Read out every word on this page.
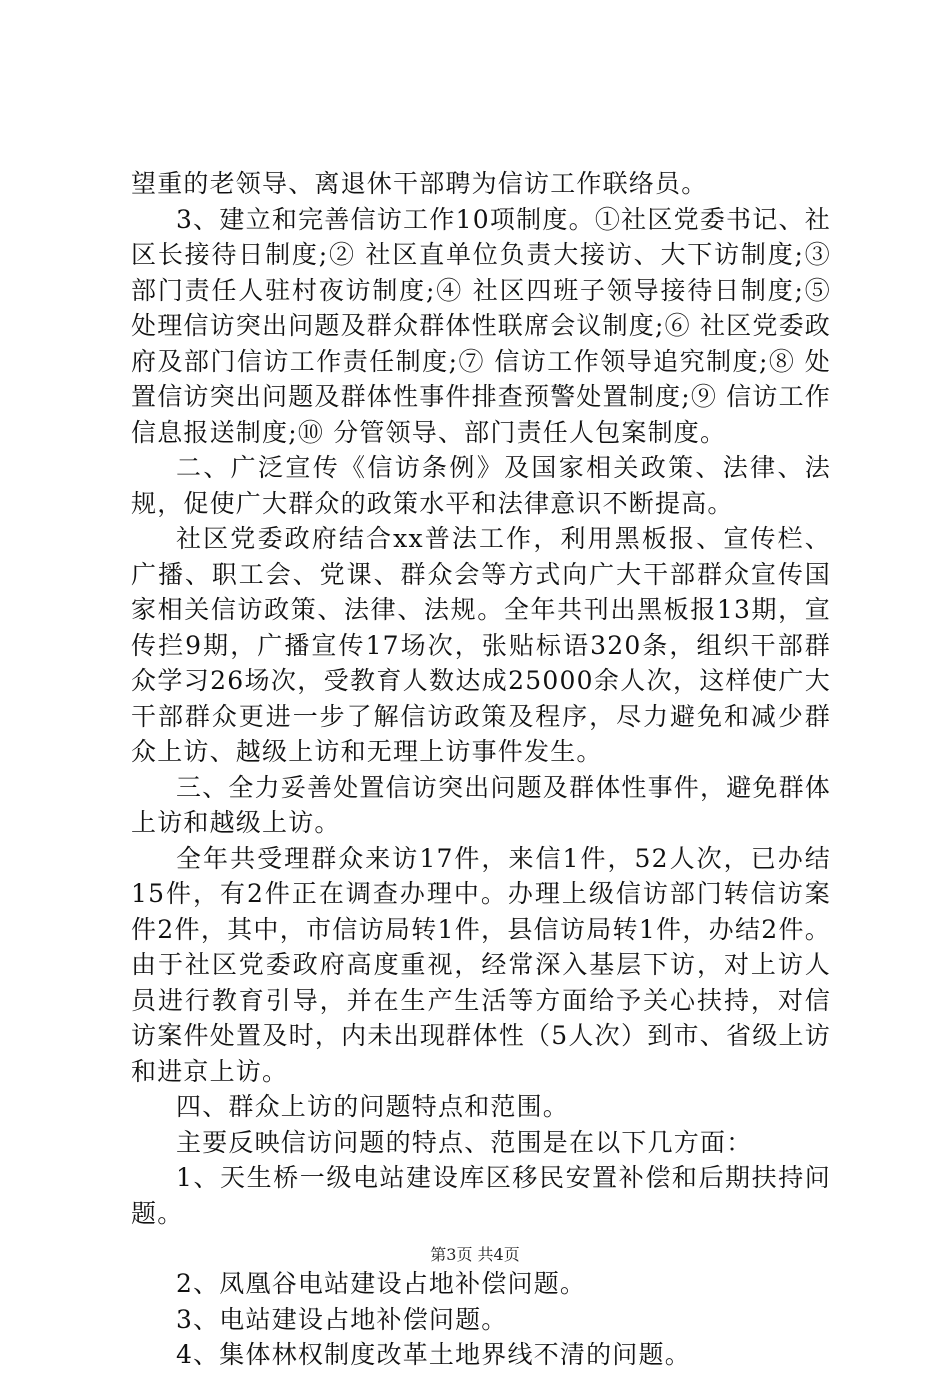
望重的老领导、离退休干部聘为信访工作联络员。

3、建立和完善信访工作10项制度。①社区党委书记、社区长接待日制度;② 社区直单位负责大接访、大下访制度;③ 部门责任人驻村夜访制度;④ 社区四班子领导接待日制度;⑤ 处理信访突出问题及群众群体性联席会议制度;⑥ 社区党委政府及部门信访工作责任制度;⑦ 信访工作领导追究制度;⑧ 处置信访突出问题及群体性事件排查预警处置制度;⑨ 信访工作信息报送制度;⑩ 分管领导、部门责任人包案制度。

二、广泛宣传《信访条例》及国家相关政策、法律、法规，促使广大群众的政策水平和法律意识不断提高。

社区党委政府结合xx普法工作，利用黑板报、宣传栏、广播、职工会、党课、群众会等方式向广大干部群众宣传国家相关信访政策、法律、法规。全年共刊出黑板报13期，宣传拦9期，广播宣传17场次，张贴标语320条，组织干部群众学习26场次，受教育人数达成25000余人次，这样使广大干部群众更进一步了解信访政策及程序，尽力避免和减少群众上访、越级上访和无理上访事件发生。

三、全力妥善处置信访突出问题及群体性事件，避免群体上访和越级上访。

全年共受理群众来访17件，来信1件，52人次，已办结15件，有2件正在调查办理中。办理上级信访部门转信访案件2件，其中，市信访局转1件，县信访局转1件，办结2件。由于社区党委政府高度重视，经常深入基层下访，对上访人员进行教育引导，并在生产生活等方面给予关心扶持，对信访案件处置及时，内未出现群体性（5人次）到市、省级上访和进京上访。

四、群众上访的问题特点和范围。

主要反映信访问题的特点、范围是在以下几方面：

1、天生桥一级电站建设库区移民安置补偿和后期扶持问题。

2、凤凰谷电站建设占地补偿问题。

3、电站建设占地补偿问题。

4、集体林权制度改革土地界线不清的问题。

第3页 共4页
